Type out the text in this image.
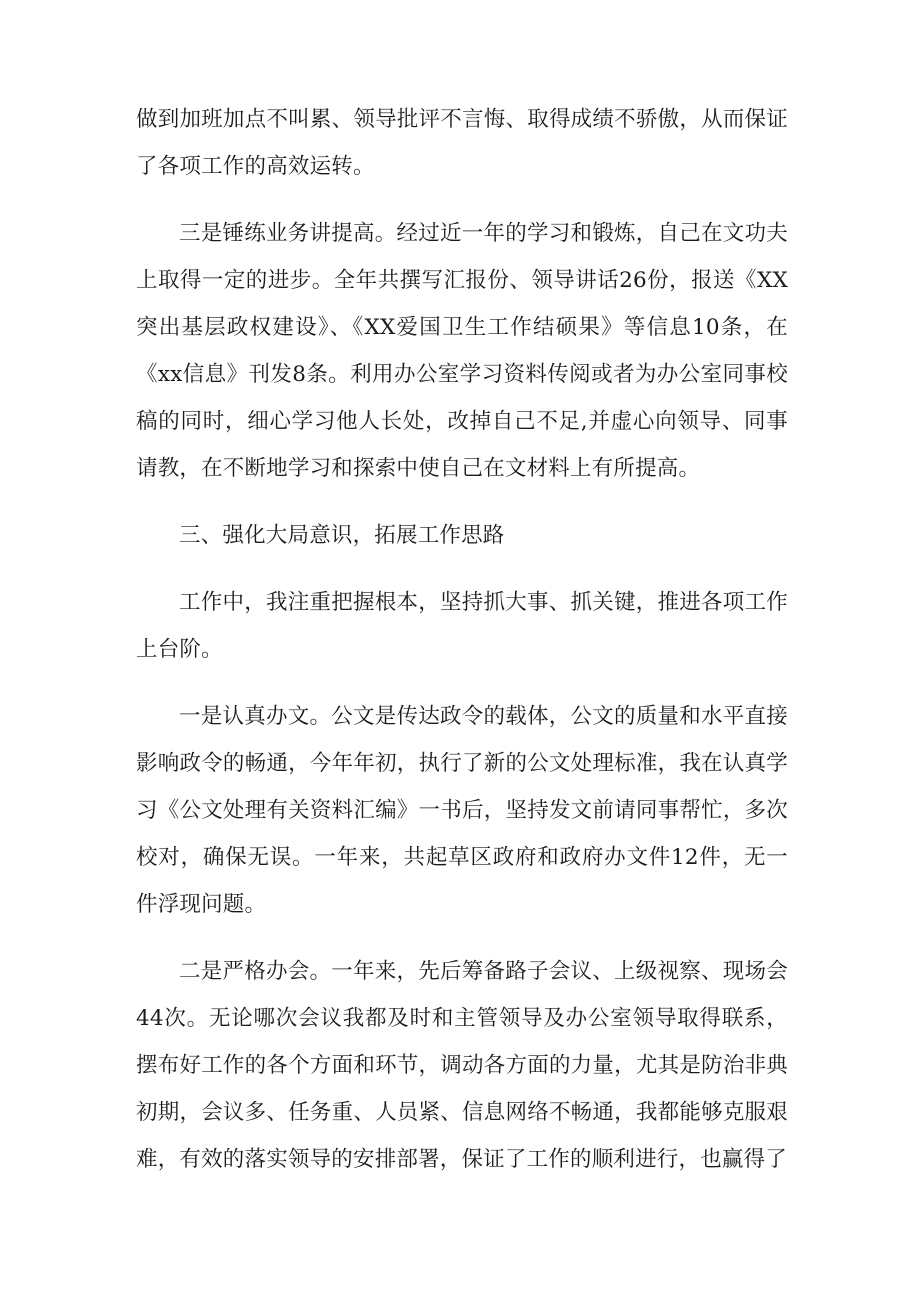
做到加班加点不叫累、领导批评不言悔、取得成绩不骄傲，从而保证了各项工作的高效运转。

三是锤练业务讲提高。经过近一年的学习和锻炼，自己在文功夫上取得一定的进步。全年共撰写汇报份、领导讲话26份，报送《XX突出基层政权建设》、《XX爱国卫生工作结硕果》等信息10条，在《xx信息》刊发8条。利用办公室学习资料传阅或者为办公室同事校稿的同时，细心学习他人长处，改掉自己不足,并虚心向领导、同事请教，在不断地学习和探索中使自己在文材料上有所提高。

三、强化大局意识，拓展工作思路

工作中，我注重把握根本，坚持抓大事、抓关键，推进各项工作上台阶。

一是认真办文。公文是传达政令的载体，公文的质量和水平直接影响政令的畅通，今年年初，执行了新的公文处理标准，我在认真学习《公文处理有关资料汇编》一书后，坚持发文前请同事帮忙，多次校对，确保无误。一年来，共起草区政府和政府办文件12件，无一件浮现问题。

二是严格办会。一年来，先后筹备路子会议、上级视察、现场会44次。无论哪次会议我都及时和主管领导及办公室领导取得联系，摆布好工作的各个方面和环节，调动各方面的力量，尤其是防治非典初期，会议多、任务重、人员紧、信息网络不畅通，我都能够克服艰难，有效的落实领导的安排部署，保证了工作的顺利进行，也赢得了
